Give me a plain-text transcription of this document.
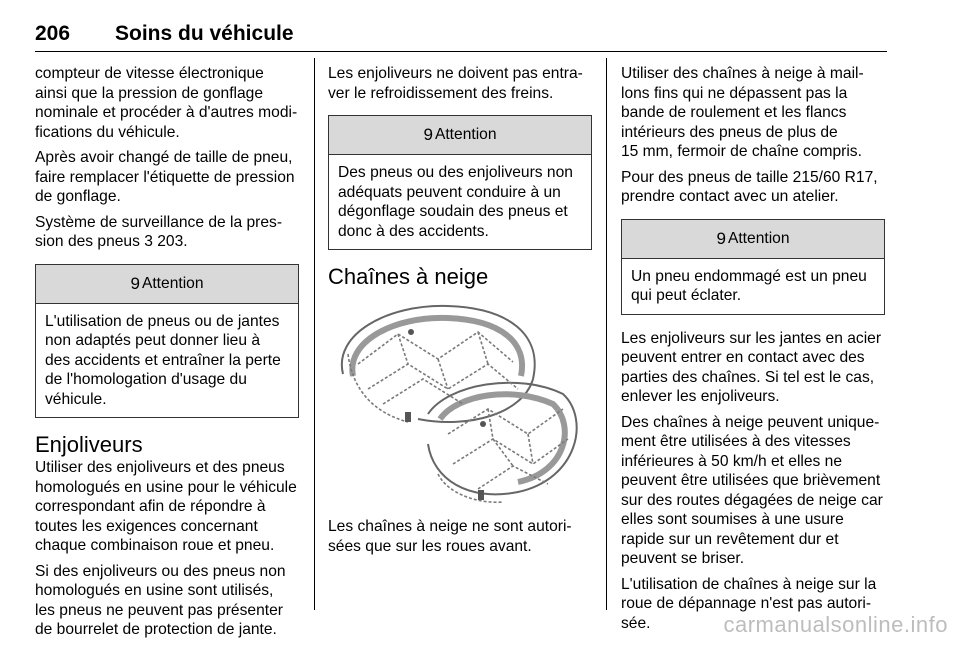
206 Soins du véhicule

compteur de vitesse électronique
ainsi que la pression de gonflage
nominale et procéder à d'autres modi-
fications du véhicule.

Après avoir changé de taille de pneu,
faire remplacer l'étiquette de pression
de gonflage.

Système de surveillance de la pres-
sion des pneus 3 203.

9 Attention
L'utilisation de pneus ou de jantes
non adaptés peut donner lieu à
des accidents et entraîner la perte
de l'homologation d'usage du
véhicule.
Enjoliveurs

Utiliser des enjoliveurs et des pneus
homologués en usine pour le véhicule
correspondant afin de répondre à
toutes les exigences concernant
chaque combinaison roue et pneu.

Si des enjoliveurs ou des pneus non
homologués en usine sont utilisés,
les pneus ne peuvent pas présenter
de bourrelet de protection de jante.

Les enjoliveurs ne doivent pas entra-
ver le refroidissement des freins.

9 Attention
Des pneus ou des enjoliveurs non
adéquats peuvent conduire à un
dégonflage soudain des pneus et
donc à des accidents.
Chaînes à neige

Les chaînes à neige ne sont autori-
sées que sur les roues avant.

Utiliser des chaînes à neige à mail-
lons fins qui ne dépassent pas la
bande de roulement et les flancs
intérieurs des pneus de plus de
15 mm, fermoir de chaîne compris.

Pour des pneus de taille 215/60 R17,
prendre contact avec un atelier.

9 Attention
Un pneu endommagé est un pneu
qui peut éclater.

Les enjoliveurs sur les jantes en acier
peuvent entrer en contact avec des
parties des chaînes. Si tel est le cas,
enlever les enjoliveurs.

Des chaînes à neige peuvent unique-
ment être utilisées à des vitesses
inférieures à 50 km/h et elles ne
peuvent être utilisées que brièvement
sur des routes dégagées de neige car
elles sont soumises à une usure
rapide sur un revêtement dur et
peuvent se briser.

L'utilisation de chaînes à neige sur la
roue de dépannage n'est pas autori-
sée.	carmanualsonline.info
